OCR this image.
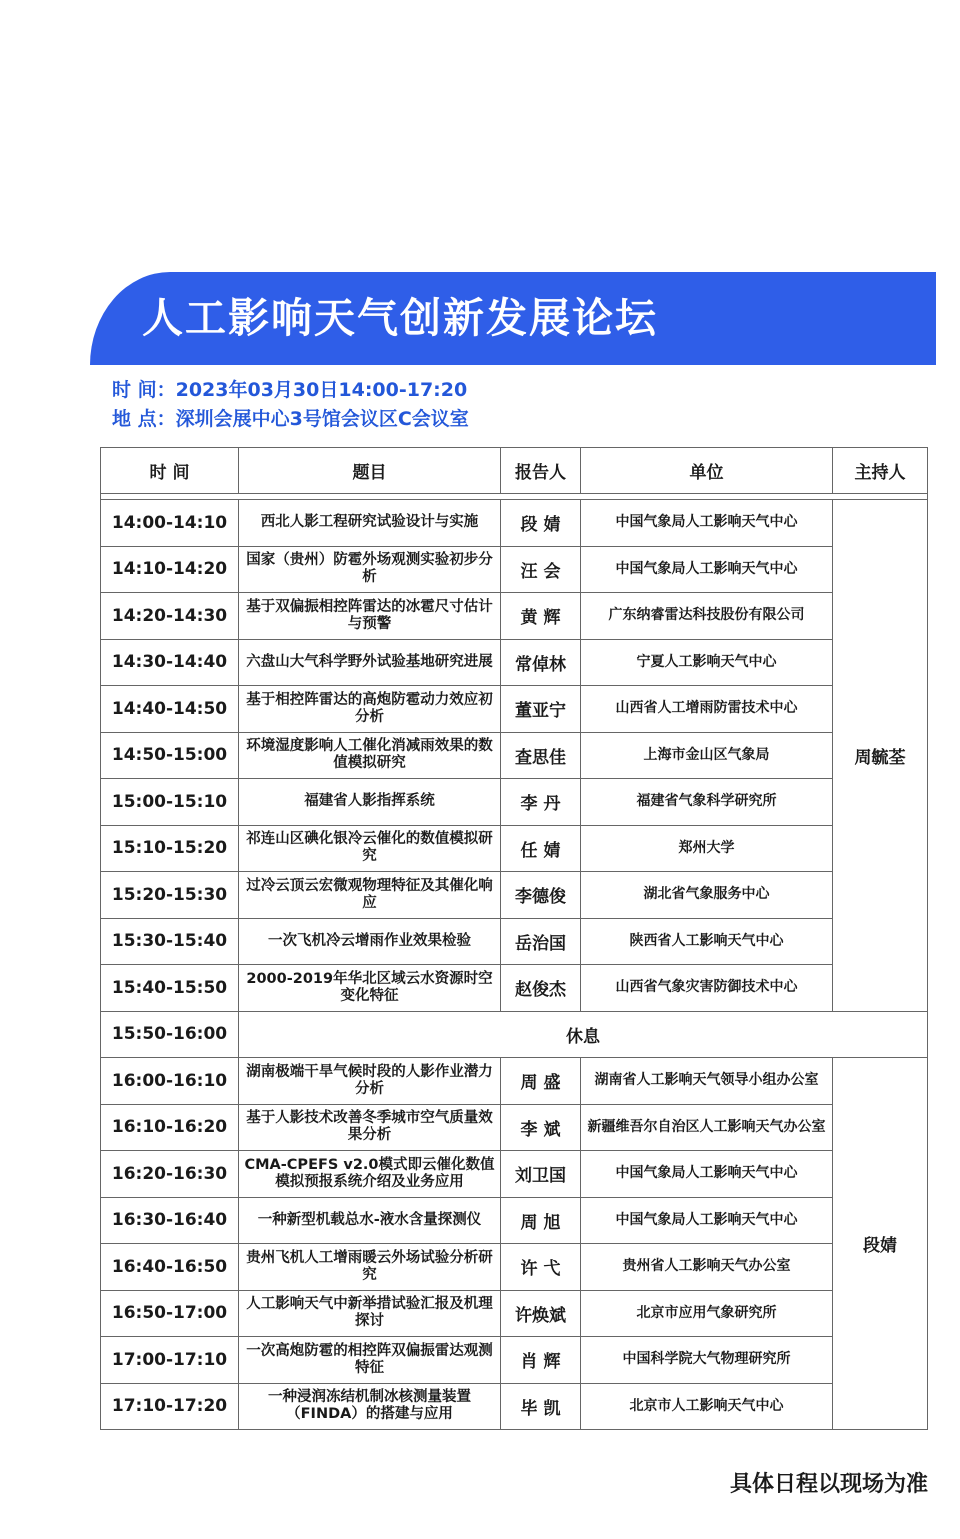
人工影响天气创新发展论坛
时 间：2023年03月30日14:00-17:20
地 点：深圳会展中心3号馆会议区C会议室
时 间	题目	报告人	单位	主持人

14:00-14:10	西北人影工程研究试验设计与实施	段 婧	中国气象局人工影响天气中心	周毓荃
14:10-14:20	国家（贵州）防雹外场观测实验初步分析	汪 会	中国气象局人工影响天气中心	
14:20-14:30	基于双偏振相控阵雷达的冰雹尺寸估计与预警	黄 辉	广东纳睿雷达科技股份有限公司	
14:30-14:40	六盘山大气科学野外试验基地研究进展	常倬林	宁夏人工影响天气中心	
14:40-14:50	基于相控阵雷达的高炮防雹动力效应初分析	董亚宁	山西省人工增雨防雷技术中心	
14:50-15:00	环境湿度影响人工催化消减雨效果的数值模拟研究	查思佳	上海市金山区气象局	
15:00-15:10	福建省人影指挥系统	李 丹	福建省气象科学研究所	
15:10-15:20	祁连山区碘化银冷云催化的数值模拟研究	任 婧	郑州大学	
15:20-15:30	过冷云顶云宏微观物理特征及其催化响应	李德俊	湖北省气象服务中心	
15:30-15:40	一次飞机冷云增雨作业效果检验	岳治国	陕西省人工影响天气中心	
15:40-15:50	2000-2019年华北区域云水资源时空变化特征	赵俊杰	山西省气象灾害防御技术中心	
15:50-16:00	休息			
16:00-16:10	湖南极端干旱气候时段的人影作业潜力分析	周 盛	湖南省人工影响天气领导小组办公室	段婧
16:10-16:20	基于人影技术改善冬季城市空气质量效果分析	李 斌	新疆维吾尔自治区人工影响天气办公室	
16:20-16:30	CMA-CPEFS v2.0模式即云催化数值模拟预报系统介绍及业务应用	刘卫国	中国气象局人工影响天气中心	
16:30-16:40	一种新型机载总水-液水含量探测仪	周 旭	中国气象局人工影响天气中心	
16:40-16:50	贵州飞机人工增雨暖云外场试验分析研究	许 弋	贵州省人工影响天气办公室	
16:50-17:00	人工影响天气中新举措试验汇报及机理探讨	许焕斌	北京市应用气象研究所	
17:00-17:10	一次高炮防雹的相控阵双偏振雷达观测特征	肖 辉	中国科学院大气物理研究所	
17:10-17:20	一种浸润冻结机制冰核测量装置（FINDA）的搭建与应用	毕 凯	北京市人工影响天气中心	
具体日程以现场为准
